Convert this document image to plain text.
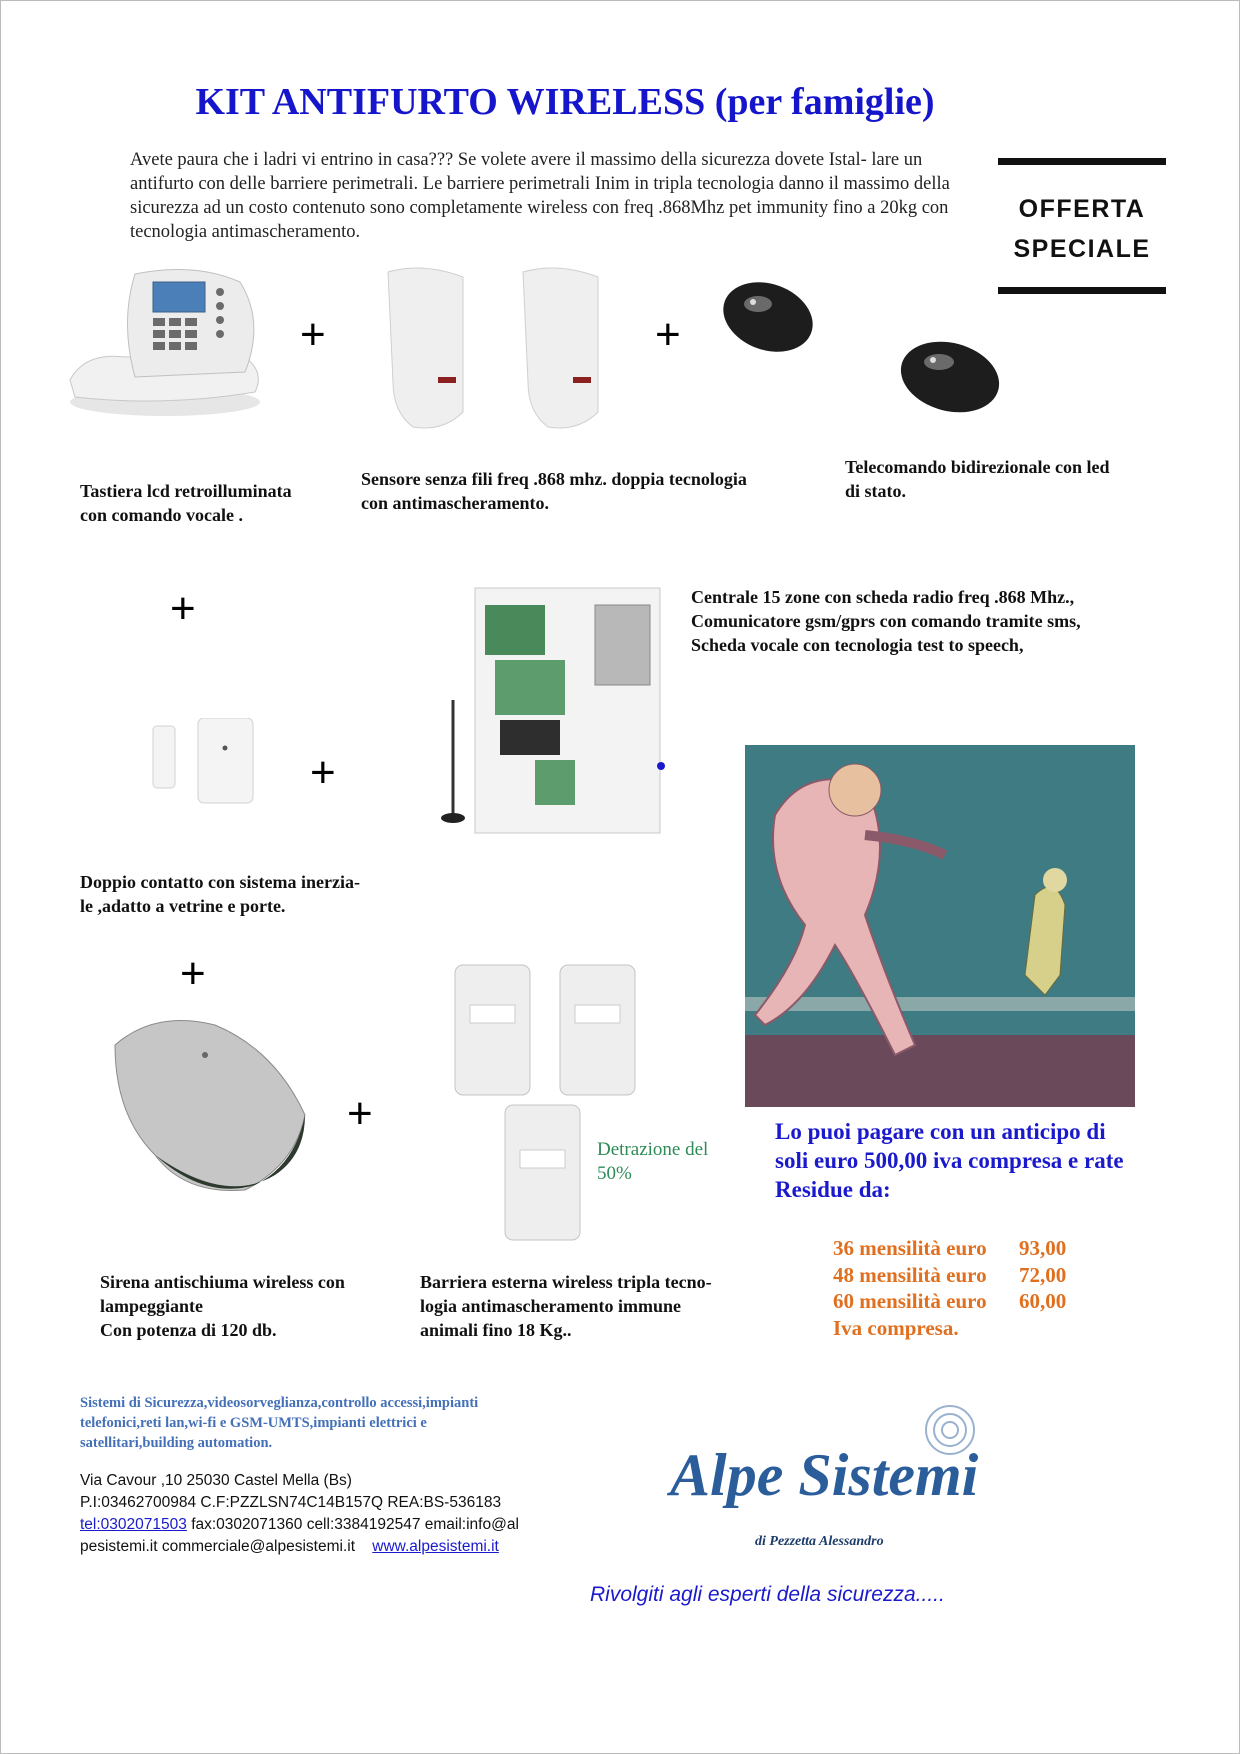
KIT ANTIFURTO WIRELESS (per famiglie)
Avete paura che i ladri vi entrino in casa??? Se volete avere il massimo della sicurezza dovete Istal- lare un antifurto con delle barriere perimetrali. Le barriere perimetrali Inim in tripla tecnologia danno il massimo della sicurezza ad un costo contenuto sono completamente wireless con freq .868Mhz pet immunity fino a 20kg con tecnologia antimascheramento.
OFFERTA
SPECIALE
+	+
Tastiera lcd retroilluminata
con comando vocale .
Sensore senza fili freq .868 mhz. doppia tecnologia
con antimascheramento.
Telecomando bidirezionale con led
di stato.
+	Centrale 15 zone con scheda radio freq .868 Mhz.,
Comunicatore gsm/gprs con comando tramite sms,
Scheda vocale con tecnologia test to speech,
+
Doppio contatto con sistema inerzia-
le ,adatto a vetrine e porte.
+
+
Detrazione del
50%
Lo puoi pagare con un anticipo di
soli euro 500,00 iva compresa e rate
Residue da:
36 mensilità euro 93,00
48 mensilità euro 72,00
60 mensilità euro 60,00
Iva compresa.
Sirena antischiuma wireless con
lampeggiante
Con potenza di 120 db.
Barriera esterna wireless tripla tecno-
logia antimascheramento immune
animali fino 18 Kg..
Sistemi di Sicurezza,videosorveglianza,controllo accessi,impianti
telefonici,reti lan,wi-fi e GSM-UMTS,impianti elettrici e
satellitari,building automation.
Via Cavour ,10 25030 Castel Mella (Bs)
P.I:03462700984 C.F:PZZLSN74C14B157Q REA:BS-536183
tel:0302071503 fax:0302071360 cell:3384192547 email:info@al
pesistemi.it commerciale@alpesistemi.it www.alpesistemi.it
Alpe Sistemi
di Pezzetta Alessandro
Rivolgiti agli esperti della sicurezza.....
